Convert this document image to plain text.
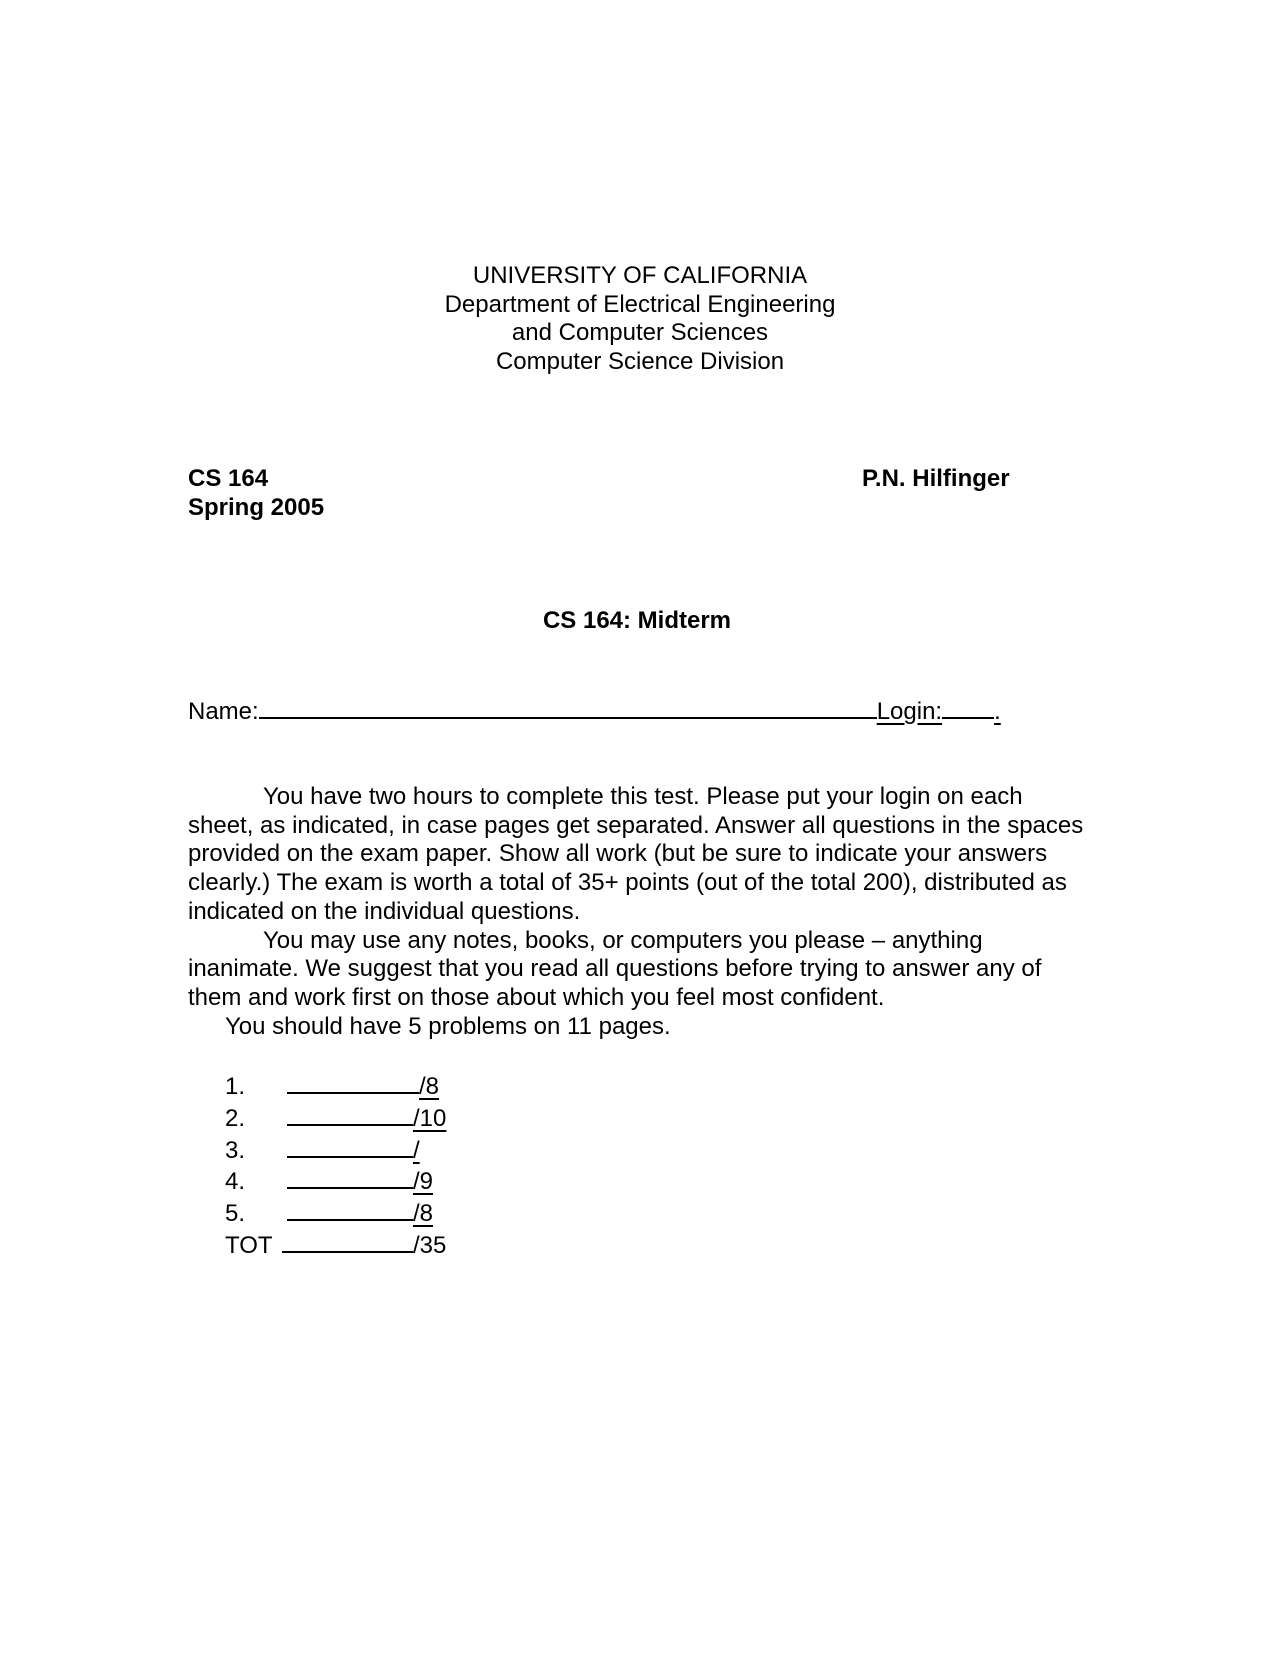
UNIVERSITY OF CALIFORNIA
Department of Electrical Engineering
and Computer Sciences
Computer Science Division
CS 164
Spring 2005
P.N. Hilfinger
CS 164: Midterm
Name:	Login: .

You have two hours to complete this test. Please put your login on each sheet, as indicated, in case pages get separated. Answer all questions in the spaces provided on the exam paper. Show all work (but be sure to indicate your answers clearly.) The exam is worth a total of 35+ points (out of the total 200), distributed as indicated on the individual questions.

You may use any notes, books, or computers you please – anything inanimate. We suggest that you read all questions before trying to answer any of them and work first on those about which you feel most confident.

You should have 5 problems on 11 pages.

1.	/8
2.	/10
3.	/
4.	/9
5.	/8
TOT	/35
